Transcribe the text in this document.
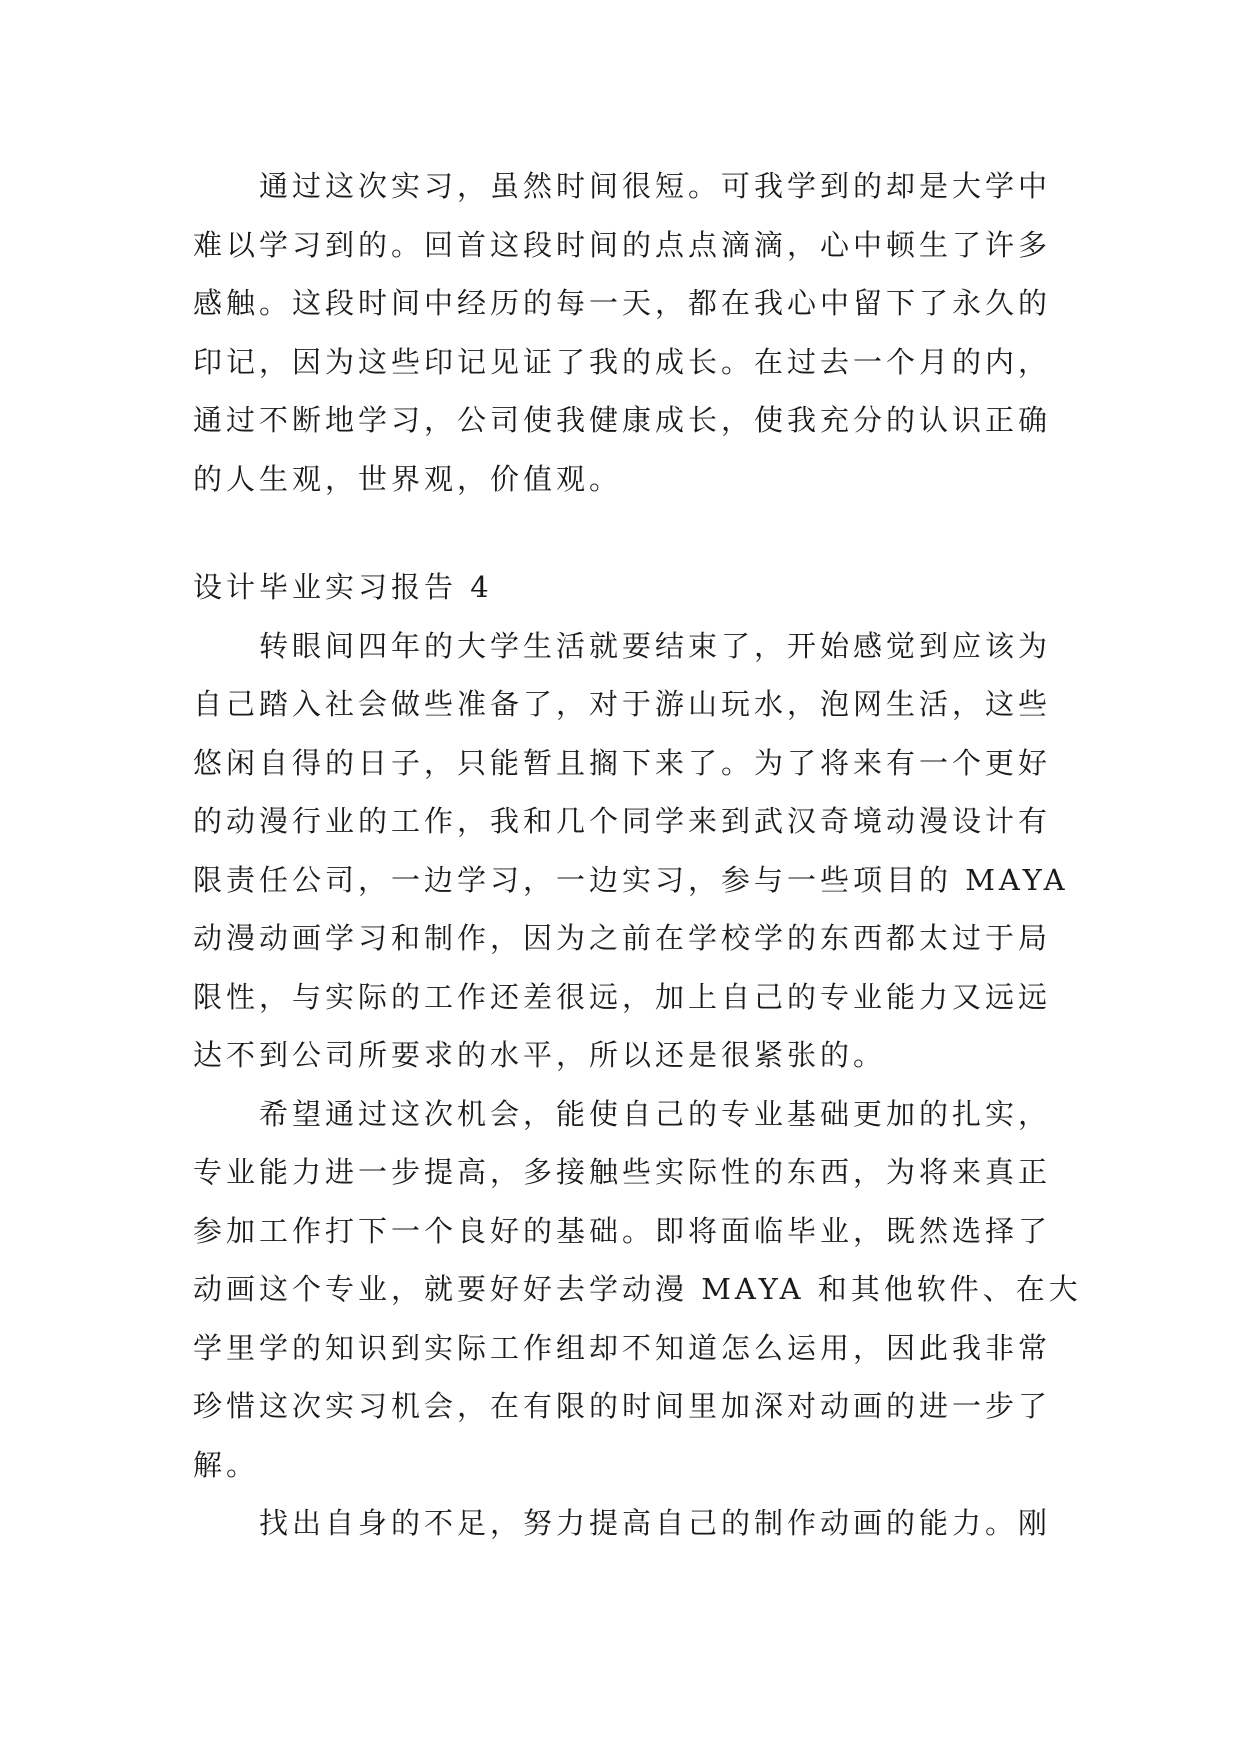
通过这次实习，虽然时间很短。可我学到的却是大学中
难以学习到的。回首这段时间的点点滴滴，心中顿生了许多
感触。这段时间中经历的每一天，都在我心中留下了永久的
印记，因为这些印记见证了我的成长。在过去一个月的内，
通过不断地学习，公司使我健康成长，使我充分的认识正确
的人生观，世界观，价值观。
设计毕业实习报告 4
转眼间四年的大学生活就要结束了，开始感觉到应该为
自己踏入社会做些准备了，对于游山玩水，泡网生活，这些
悠闲自得的日子，只能暂且搁下来了。为了将来有一个更好
的动漫行业的工作，我和几个同学来到武汉奇境动漫设计有
限责任公司，一边学习，一边实习，参与一些项目的 MAYA
动漫动画学习和制作，因为之前在学校学的东西都太过于局
限性，与实际的工作还差很远，加上自己的专业能力又远远
达不到公司所要求的水平，所以还是很紧张的。
希望通过这次机会，能使自己的专业基础更加的扎实，
专业能力进一步提高，多接触些实际性的东西，为将来真正
参加工作打下一个良好的基础。即将面临毕业，既然选择了
动画这个专业，就要好好去学动漫 MAYA 和其他软件、在大
学里学的知识到实际工作组却不知道怎么运用，因此我非常
珍惜这次实习机会，在有限的时间里加深对动画的进一步了
解。
找出自身的不足，努力提高自己的制作动画的能力。刚
